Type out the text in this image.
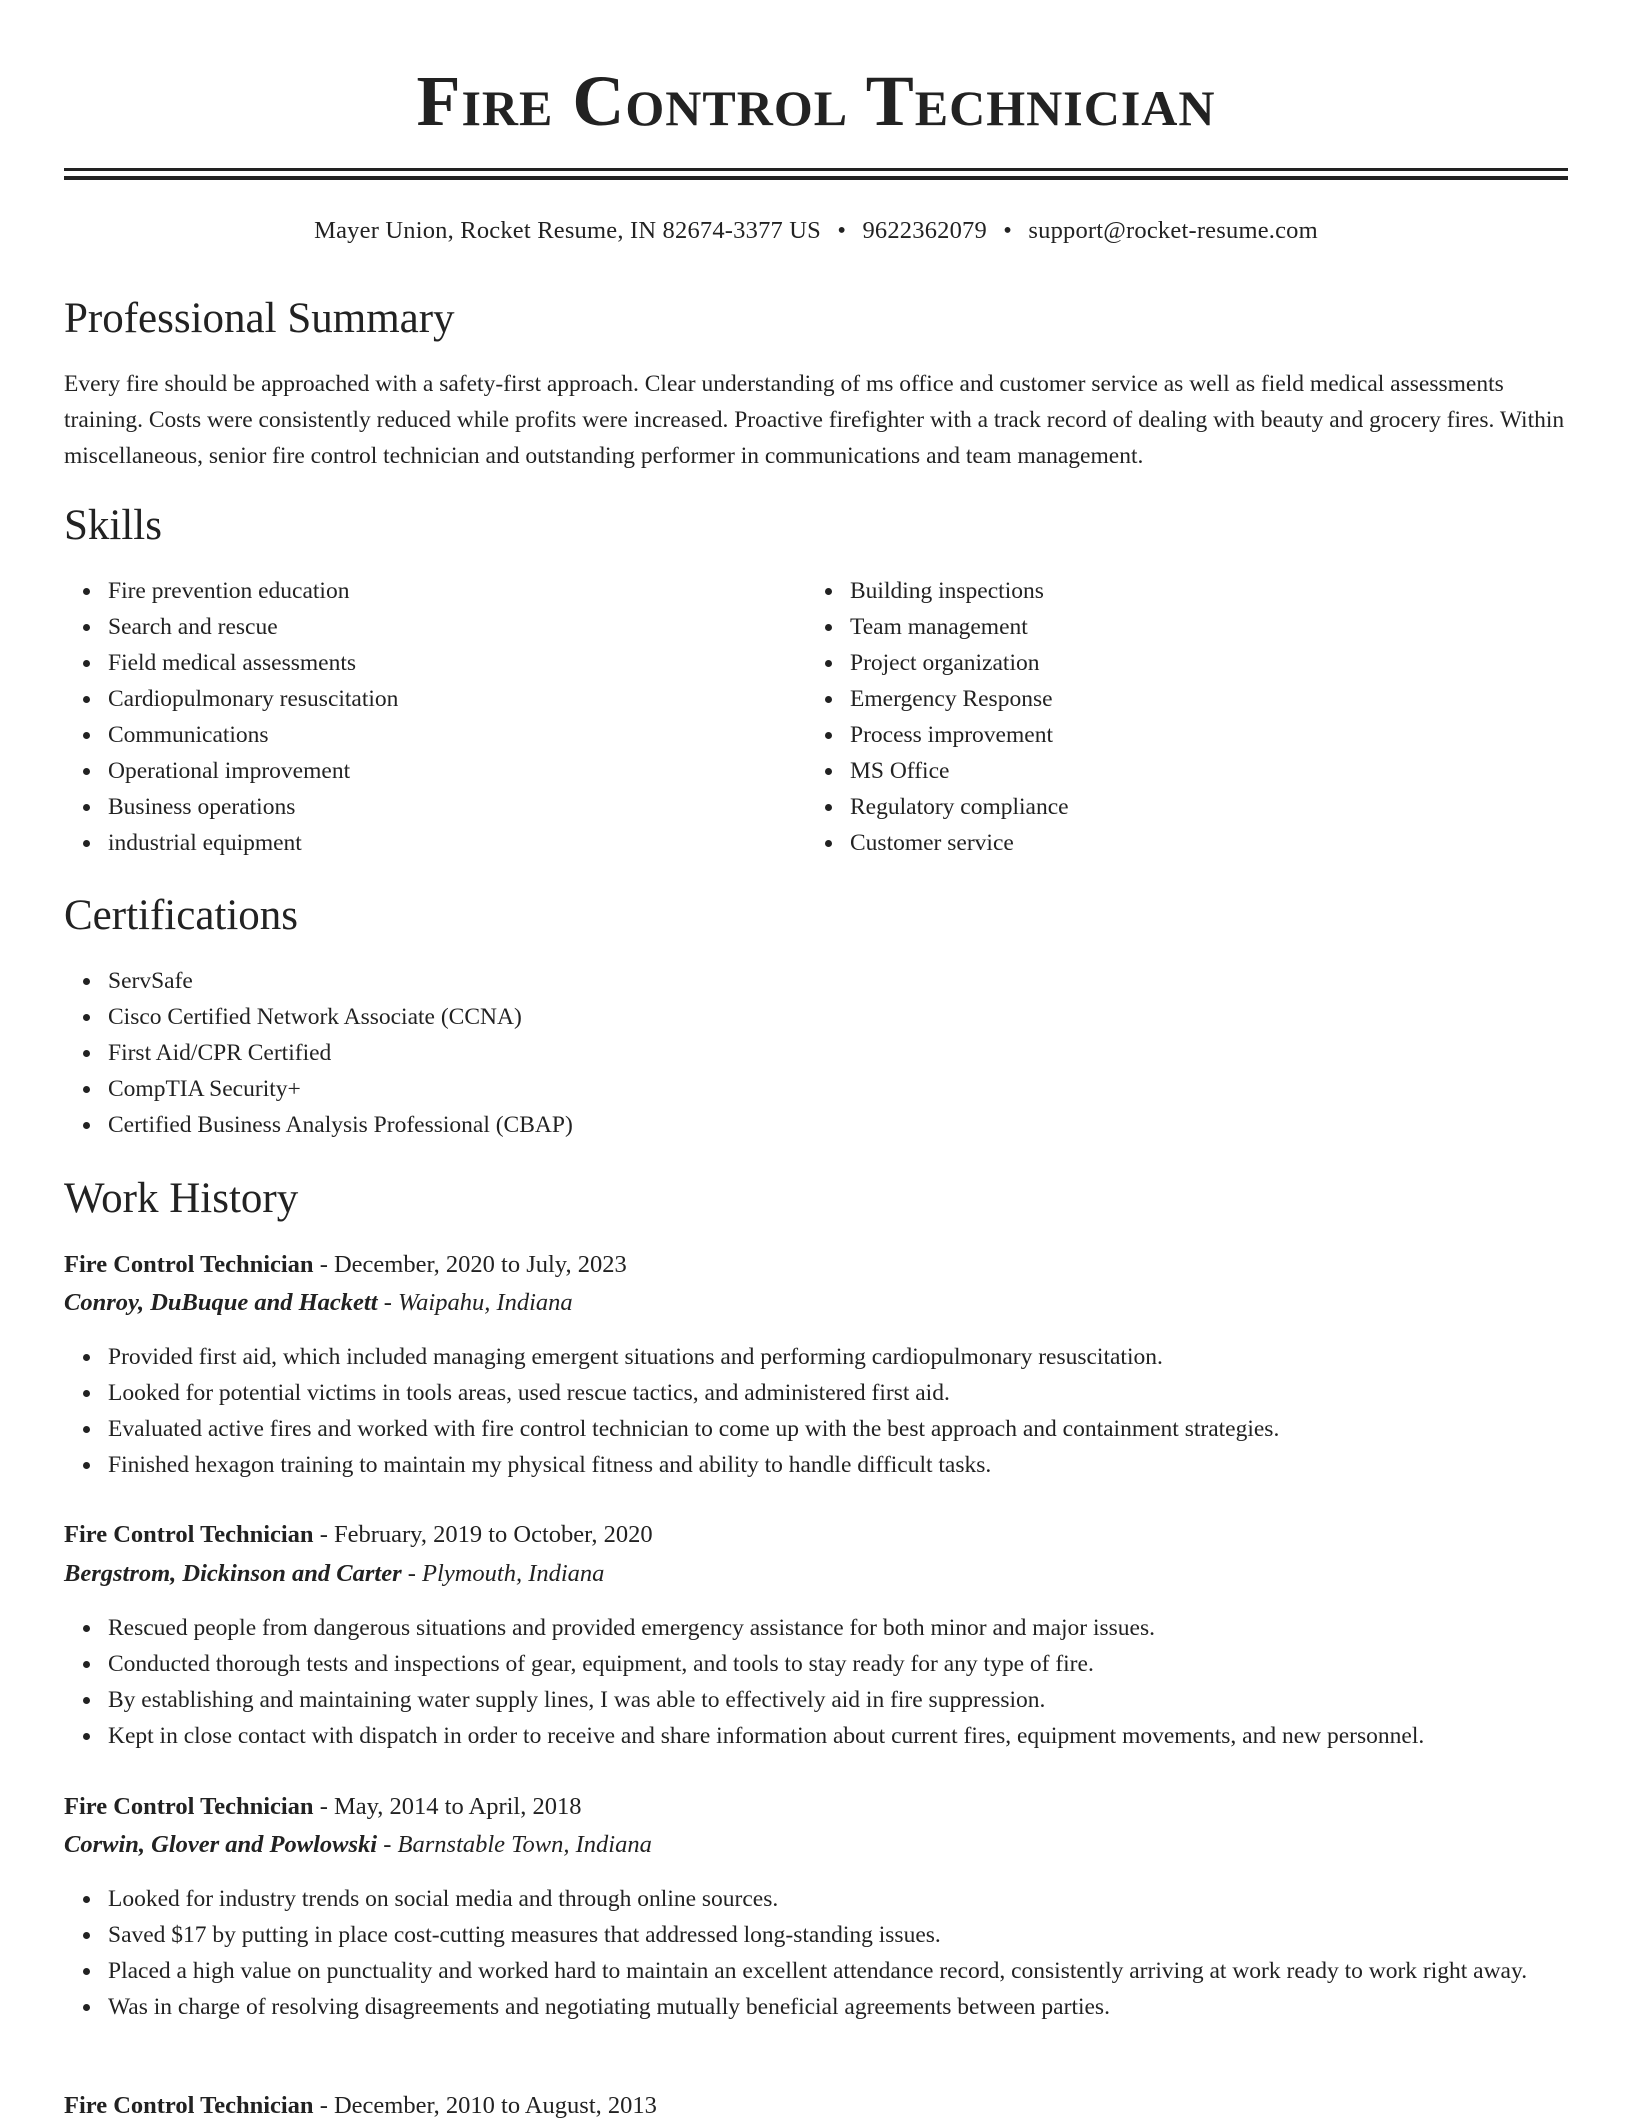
Fire Control Technician
Mayer Union, Rocket Resume, IN 82674-3377 US • 9622362079 • support@rocket-resume.com
Professional Summary

Every fire should be approached with a safety-first approach. Clear understanding of ms office and customer service as well as field medical assessments training. Costs were consistently reduced while profits were increased. Proactive firefighter with a track record of dealing with beauty and grocery fires. Within miscellaneous, senior fire control technician and outstanding performer in communications and team management.

Skills
Fire prevention education
Search and rescue
Field medical assessments
Cardiopulmonary resuscitation
Communications
Operational improvement
Business operations
industrial equipment
Building inspections
Team management
Project organization
Emergency Response
Process improvement
MS Office
Regulatory compliance
Customer service
Certifications
ServSafe
Cisco Certified Network Associate (CCNA)
First Aid/CPR Certified
CompTIA Security+
Certified Business Analysis Professional (CBAP)
Work History
Fire Control Technician - December, 2020 to July, 2023
Conroy, DuBuque and Hackett - Waipahu, Indiana
Provided first aid, which included managing emergent situations and performing cardiopulmonary resuscitation.
Looked for potential victims in tools areas, used rescue tactics, and administered first aid.
Evaluated active fires and worked with fire control technician to come up with the best approach and containment strategies.
Finished hexagon training to maintain my physical fitness and ability to handle difficult tasks.
Fire Control Technician - February, 2019 to October, 2020
Bergstrom, Dickinson and Carter - Plymouth, Indiana
Rescued people from dangerous situations and provided emergency assistance for both minor and major issues.
Conducted thorough tests and inspections of gear, equipment, and tools to stay ready for any type of fire.
By establishing and maintaining water supply lines, I was able to effectively aid in fire suppression.
Kept in close contact with dispatch in order to receive and share information about current fires, equipment movements, and new personnel.
Fire Control Technician - May, 2014 to April, 2018
Corwin, Glover and Powlowski - Barnstable Town, Indiana
Looked for industry trends on social media and through online sources.
Saved $17 by putting in place cost-cutting measures that addressed long-standing issues.
Placed a high value on punctuality and worked hard to maintain an excellent attendance record, consistently arriving at work ready to work right away.
Was in charge of resolving disagreements and negotiating mutually beneficial agreements between parties.
Fire Control Technician - December, 2010 to August, 2013
